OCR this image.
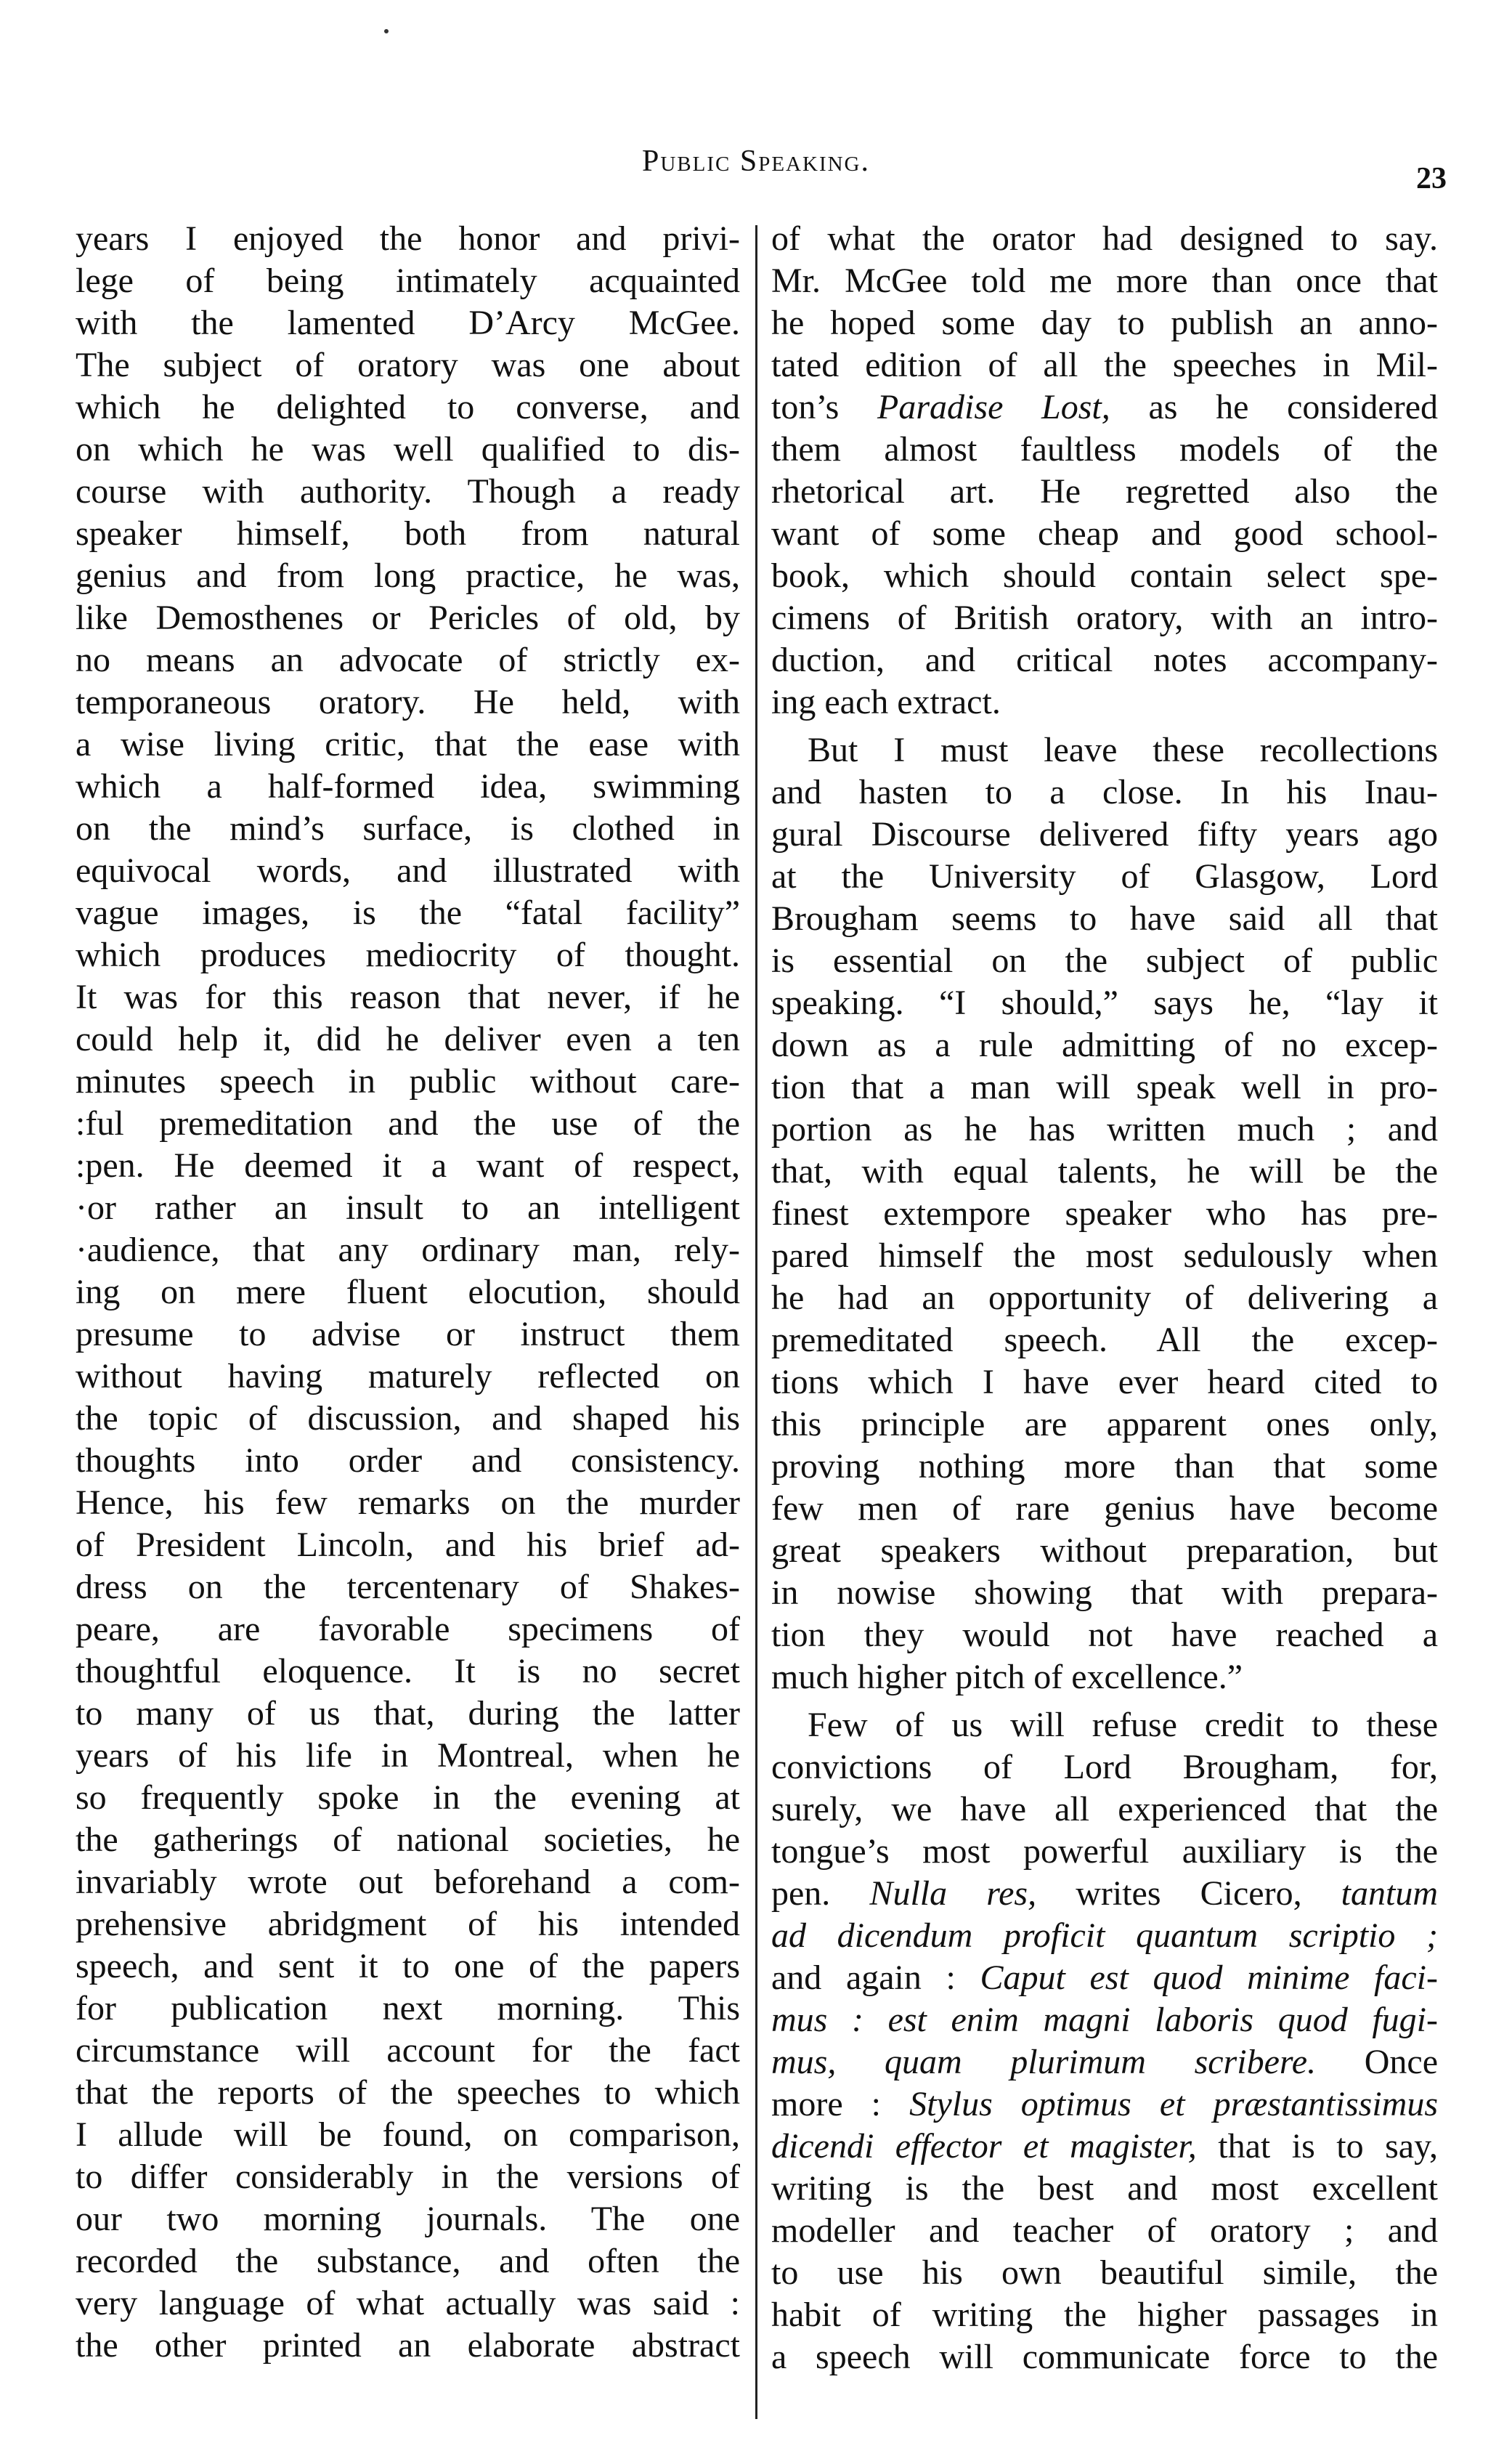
Public Speaking.
23
years I enjoyed the honor and privi-
lege of being intimately acquainted
with the lamented D’Arcy McGee.
The subject of oratory was one about
which he delighted to converse, and
on which he was well qualified to dis-
course with authority. Though a ready
speaker himself, both from natural
genius and from long practice, he was,
like Demosthenes or Pericles of old, by
no means an advocate of strictly ex-
temporaneous oratory. He held, with
a wise living critic, that the ease with
which a half-formed idea, swimming
on the mind’s surface, is clothed in
equivocal words, and illustrated with
vague images, is the “fatal facility”
which produces mediocrity of thought.
It was for this reason that never, if he
could help it, did he deliver even a ten
minutes speech in public without care-
:ful premeditation and the use of the
:pen. He deemed it a want of respect,
·or rather an insult to an intelligent
·audience, that any ordinary man, rely-
ing on mere fluent elocution, should
presume to advise or instruct them
without having maturely reflected on
the topic of discussion, and shaped his
thoughts into order and consistency.
Hence, his few remarks on the murder
of President Lincoln, and his brief ad-
dress on the tercentenary of Shakes-
peare, are favorable specimens of
thoughtful eloquence. It is no secret
to many of us that, during the latter
years of his life in Montreal, when he
so frequently spoke in the evening at
the gatherings of national societies, he
invariably wrote out beforehand a com-
prehensive abridgment of his intended
speech, and sent it to one of the papers
for publication next morning. This
circumstance will account for the fact
that the reports of the speeches to which
I allude will be found, on comparison,
to differ considerably in the versions of
our two morning journals. The one
recorded the substance, and often the
very language of what actually was said :
the other printed an elaborate abstract
of what the orator had designed to say.
Mr. McGee told me more than once that
he hoped some day to publish an anno-
tated edition of all the speeches in Mil-
ton’s Paradise Lost, as he considered
them almost faultless models of the
rhetorical art. He regretted also the
want of some cheap and good school-
book, which should contain select spe-
cimens of British oratory, with an intro-
duction, and critical notes accompany-
ing each extract.
But I must leave these recollections
and hasten to a close. In his Inau-
gural Discourse delivered fifty years ago
at the University of Glasgow, Lord
Brougham seems to have said all that
is essential on the subject of public
speaking. “I should,” says he, “lay it
down as a rule admitting of no excep-
tion that a man will speak well in pro-
portion as he has written much ; and
that, with equal talents, he will be the
finest extempore speaker who has pre-
pared himself the most sedulously when
he had an opportunity of delivering a
premeditated speech. All the excep-
tions which I have ever heard cited to
this principle are apparent ones only,
proving nothing more than that some
few men of rare genius have become
great speakers without preparation, but
in nowise showing that with prepara-
tion they would not have reached a
much higher pitch of excellence.”
Few of us will refuse credit to these
convictions of Lord Brougham, for,
surely, we have all experienced that the
tongue’s most powerful auxiliary is the
pen. Nulla res, writes Cicero, tantum
ad dicendum proficit quantum scriptio ;
and again : Caput est quod minime faci-
mus : est enim magni laboris quod fugi-
mus, quam plurimum scribere. Once
more : Stylus optimus et præstantissimus
dicendi effector et magister, that is to say,
writing is the best and most excellent
modeller and teacher of oratory ; and
to use his own beautiful simile, the
habit of writing the higher passages in
a speech will communicate force to the
